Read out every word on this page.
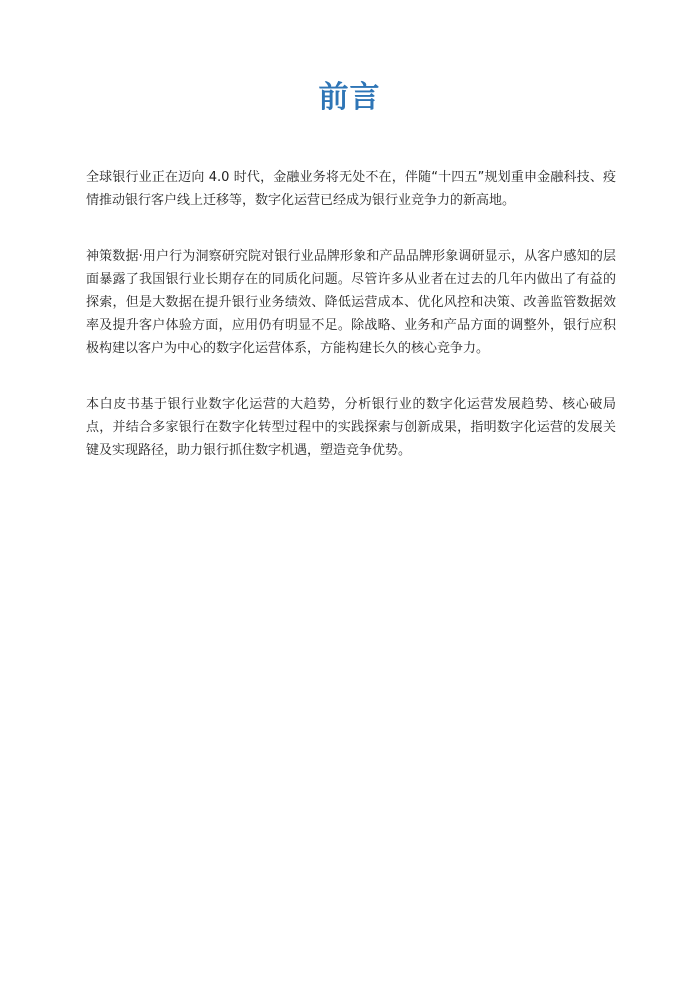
前言

全球银行业正在迈向 4.0 时代，金融业务将无处不在，伴随“十四五”规划重申金融科技、疫情推动银行客户线上迁移等，数字化运营已经成为银行业竞争力的新高地。

神策数据·用户行为洞察研究院对银行业品牌形象和产品品牌形象调研显示，从客户感知的层面暴露了我国银行业长期存在的同质化问题。尽管许多从业者在过去的几年内做出了有益的探索，但是大数据在提升银行业务绩效、降低运营成本、优化风控和决策、改善监管数据效率及提升客户体验方面，应用仍有明显不足。除战略、业务和产品方面的调整外，银行应积极构建以客户为中心的数字化运营体系，方能构建长久的核心竞争力。

本白皮书基于银行业数字化运营的大趋势，分析银行业的数字化运营发展趋势、核心破局点，并结合多家银行在数字化转型过程中的实践探索与创新成果，指明数字化运营的发展关键及实现路径，助力银行抓住数字机遇，塑造竞争优势。
